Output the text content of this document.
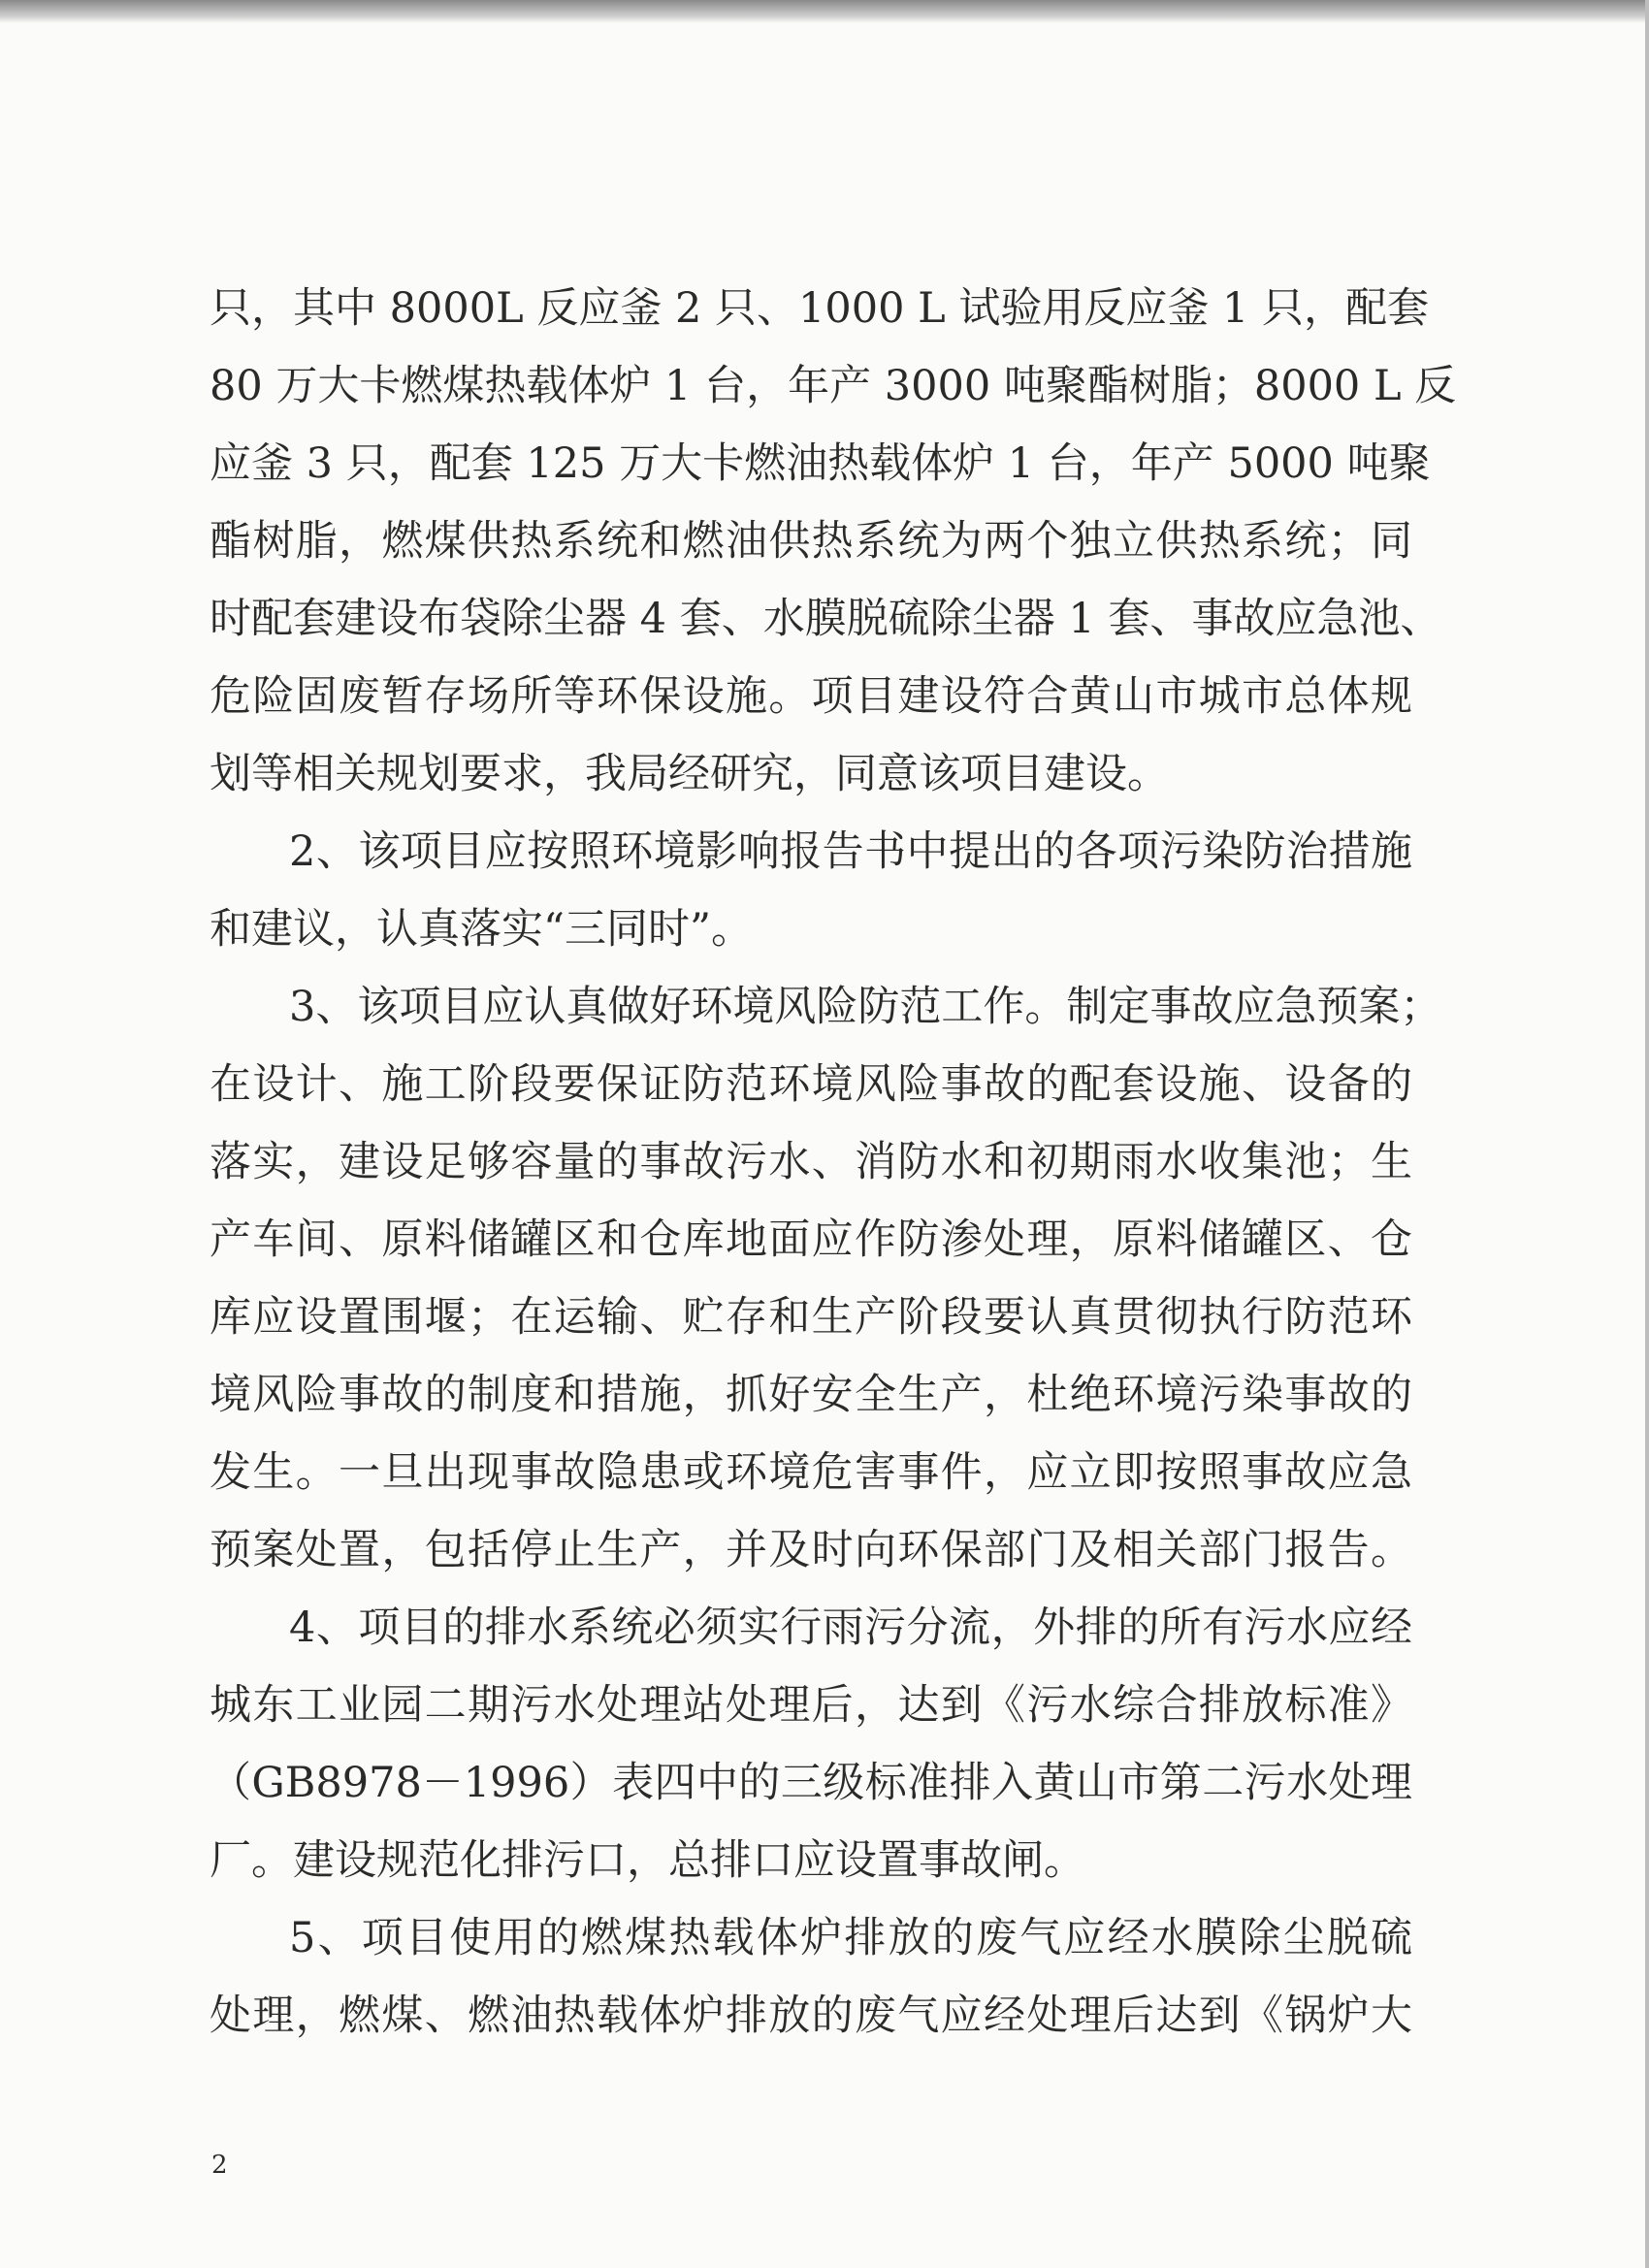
只，其中 8000L 反应釜 2 只、1000 L 试验用反应釜 1 只，配套
80 万大卡燃煤热载体炉 1 台，年产 3000 吨聚酯树脂；8000 L 反
应釜 3 只，配套 125 万大卡燃油热载体炉 1 台，年产 5000 吨聚
酯树脂，燃煤供热系统和燃油供热系统为两个独立供热系统；同
时配套建设布袋除尘器 4 套、水膜脱硫除尘器 1 套、事故应急池、
危险固废暂存场所等环保设施。项目建设符合黄山市城市总体规
划等相关规划要求，我局经研究，同意该项目建设。
2、该项目应按照环境影响报告书中提出的各项污染防治措施
和建议，认真落实“三同时”。
3、该项目应认真做好环境风险防范工作。制定事故应急预案；
在设计、施工阶段要保证防范环境风险事故的配套设施、设备的
落实，建设足够容量的事故污水、消防水和初期雨水收集池；生
产车间、原料储罐区和仓库地面应作防渗处理，原料储罐区、仓
库应设置围堰；在运输、贮存和生产阶段要认真贯彻执行防范环
境风险事故的制度和措施，抓好安全生产，杜绝环境污染事故的
发生。一旦出现事故隐患或环境危害事件，应立即按照事故应急
预案处置，包括停止生产，并及时向环保部门及相关部门报告。
4、项目的排水系统必须实行雨污分流，外排的所有污水应经
城东工业园二期污水处理站处理后，达到《污水综合排放标准》
（GB8978－1996）表四中的三级标准排入黄山市第二污水处理
厂。建设规范化排污口，总排口应设置事故闸。
5、项目使用的燃煤热载体炉排放的废气应经水膜除尘脱硫
处理，燃煤、燃油热载体炉排放的废气应经处理后达到《锅炉大
2
